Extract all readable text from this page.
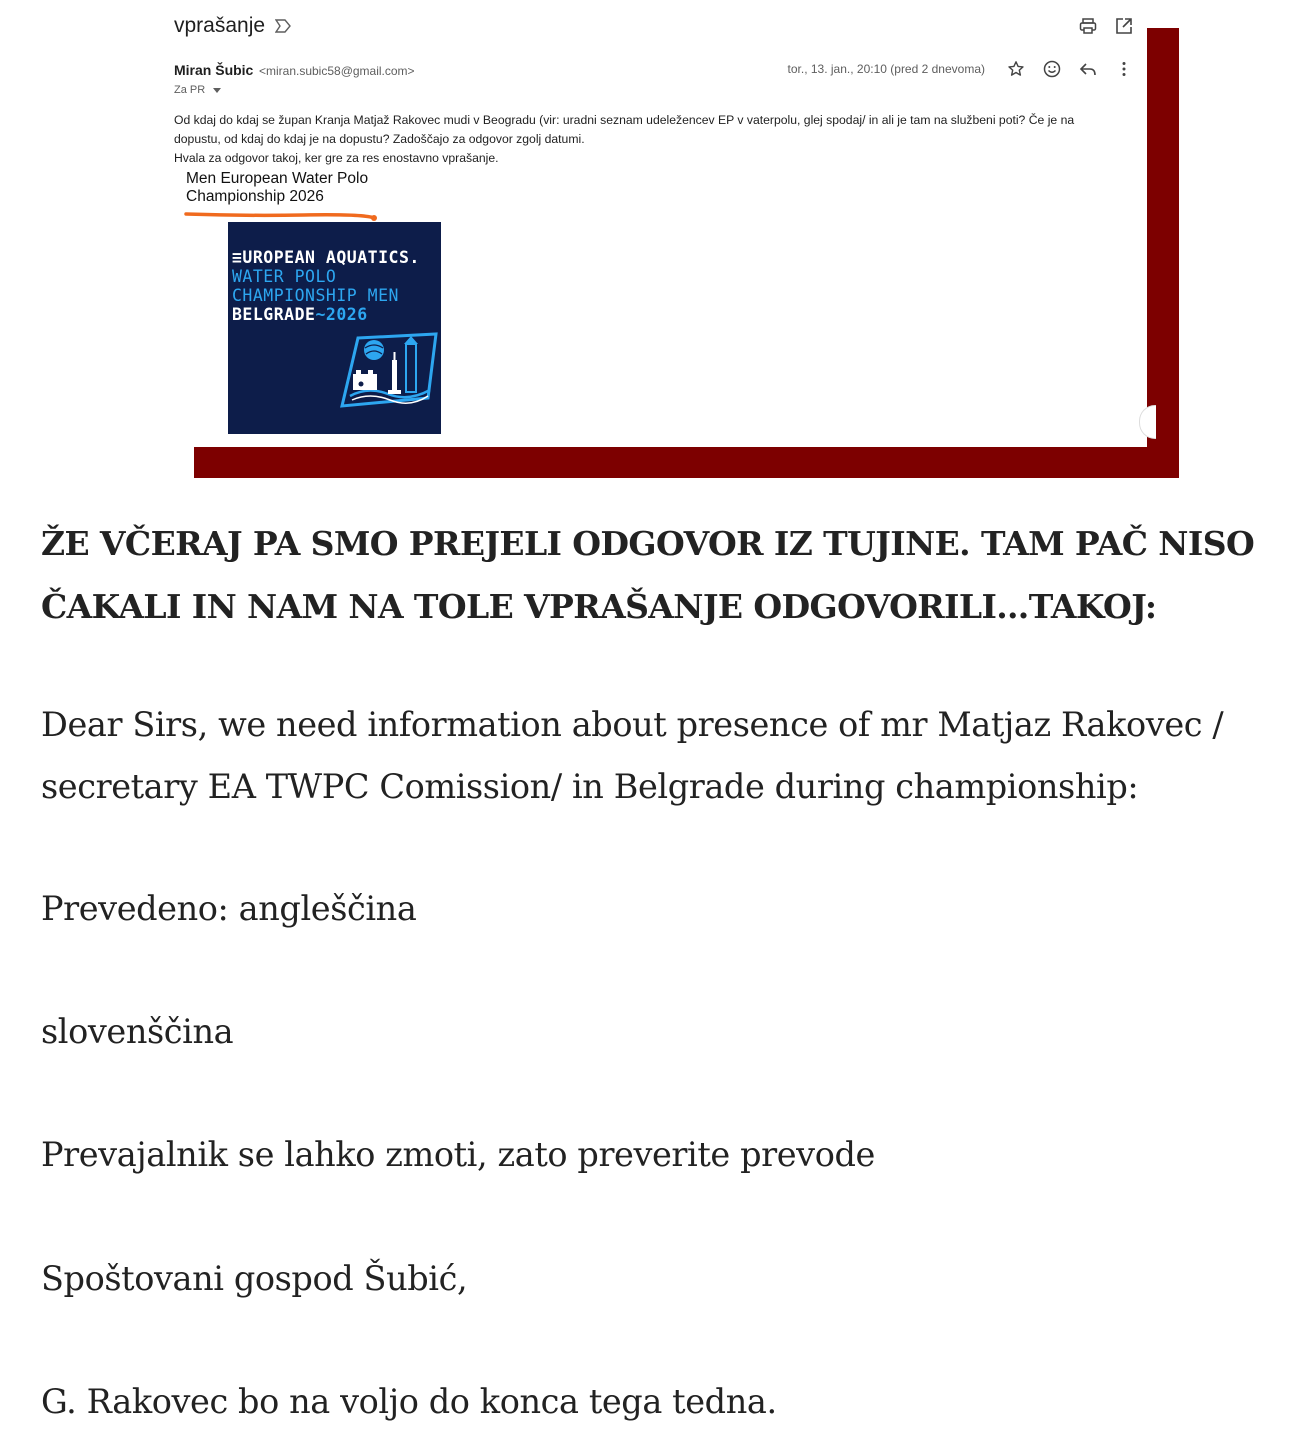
vprašanje
Miran Šubic <miran.subic58@gmail.com>
Za PR
tor., 13. jan., 20:10 (pred 2 dnevoma)

Od kdaj do kdaj se župan Kranja Matjaž Rakovec mudi v Beogradu (vir: uradni seznam udeležencev EP v vaterpolu, glej spodaj/ in ali je tam na službeni poti? Če je na

dopustu, od kdaj do kdaj je na dopustu? Zadoščajo za odgovor zgolj datumi.

Hvala za odgovor takoj, ker gre za res enostavno vprašanje.

Men European Water Polo
Championship 2026
≡UROPEAN AQUATICS.
WATER POLO
CHAMPIONSHIP MEN
BELGRADE~2026
ŽE VČERAJ PA SMO PREJELI ODGOVOR IZ TUJINE. TAM PAČ NISO
ČAKALI IN NAM NA TOLE VPRAŠANJE ODGOVORILI…TAKOJ:

Dear Sirs, we need information about presence of mr Matjaz Rakovec /
secretary EA TWPC Comission/ in Belgrade during championship:

Prevedeno: angleščina

slovenščina

Prevajalnik se lahko zmoti, zato preverite prevode

Spoštovani gospod Šubić,

G. Rakovec bo na voljo do konca tega tedna.
